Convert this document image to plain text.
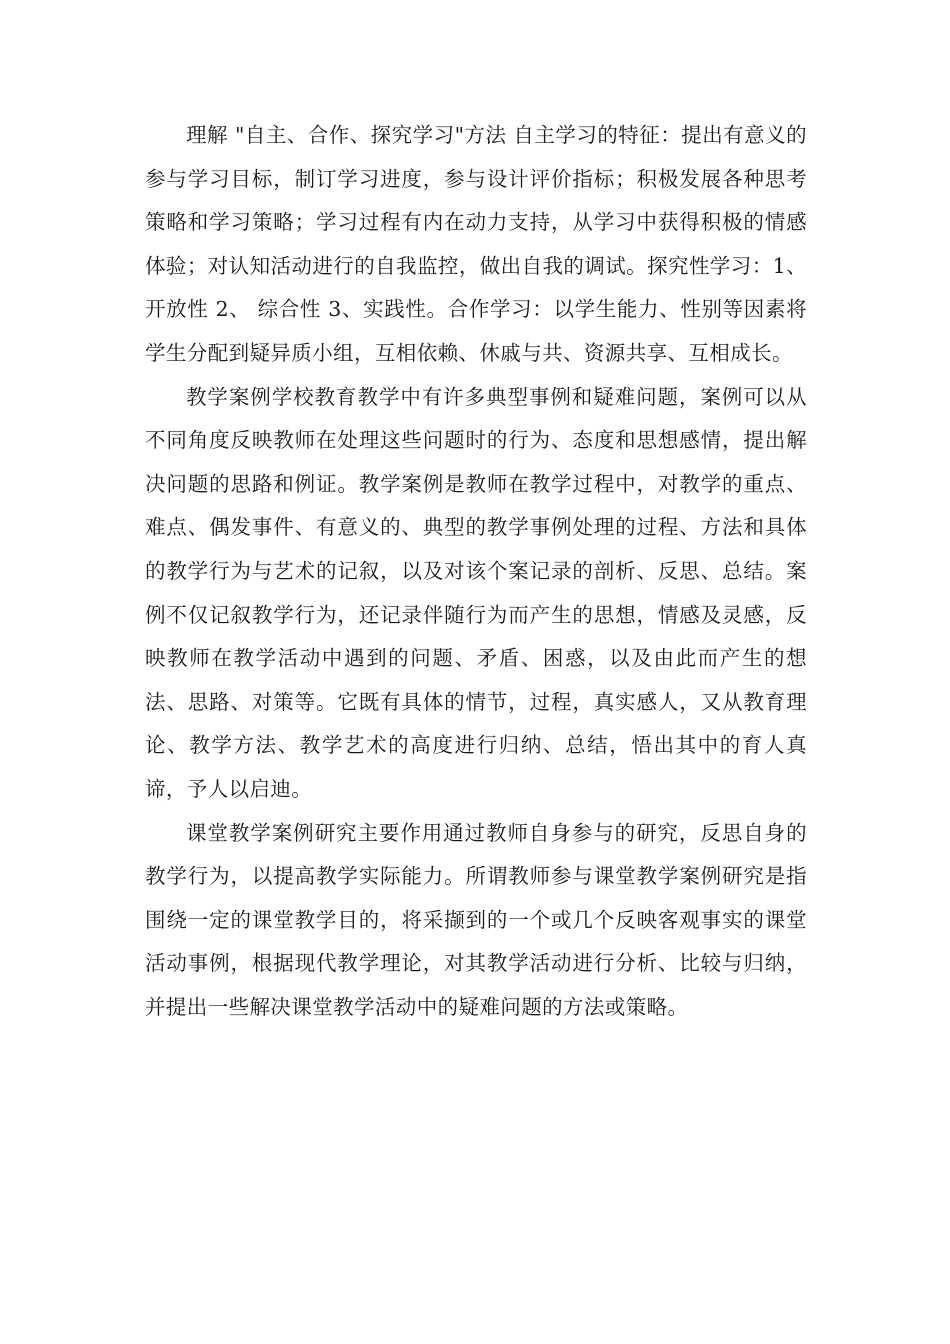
理解 "自主、合作、探究学习"方法 自主学习的特征：提出有意义的参与学习目标，制订学习进度，参与设计评价指标；积极发展各种思考策略和学习策略；学习过程有内在动力支持，从学习中获得积极的情感体验；对认知活动进行的自我监控，做出自我的调试。探究性学习：1、开放性 2、 综合性 3、实践性。合作学习：以学生能力、性别等因素将学生分配到疑异质小组，互相依赖、休戚与共、资源共享、互相成长。

教学案例学校教育教学中有许多典型事例和疑难问题，案例可以从不同角度反映教师在处理这些问题时的行为、态度和思想感情，提出解决问题的思路和例证。教学案例是教师在教学过程中，对教学的重点、难点、偶发事件、有意义的、典型的教学事例处理的过程、方法和具体的教学行为与艺术的记叙，以及对该个案记录的剖析、反思、总结。案例不仅记叙教学行为，还记录伴随行为而产生的思想，情感及灵感，反映教师在教学活动中遇到的问题、矛盾、困惑，以及由此而产生的想法、思路、对策等。它既有具体的情节，过程，真实感人，又从教育理论、教学方法、教学艺术的高度进行归纳、总结，悟出其中的育人真谛，予人以启迪。

课堂教学案例研究主要作用通过教师自身参与的研究，反思自身的教学行为，以提高教学实际能力。所谓教师参与课堂教学案例研究是指围绕一定的课堂教学目的，将采撷到的一个或几个反映客观事实的课堂活动事例，根据现代教学理论，对其教学活动进行分析、比较与归纳，并提出一些解决课堂教学活动中的疑难问题的方法或策略。
